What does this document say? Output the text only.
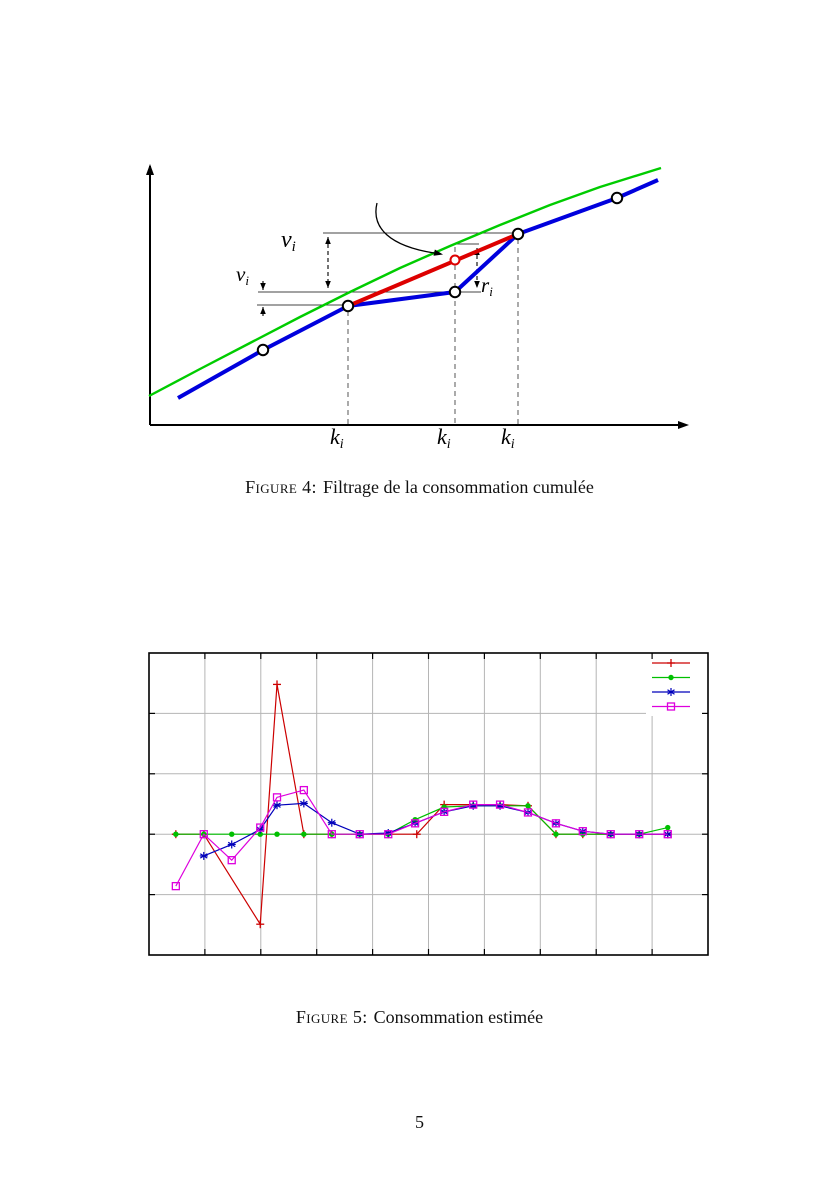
vi
vi	ri
ki	ki ki
Figure 4: Filtrage de la consommation cumulée
Figure 5: Consommation estimée
5
